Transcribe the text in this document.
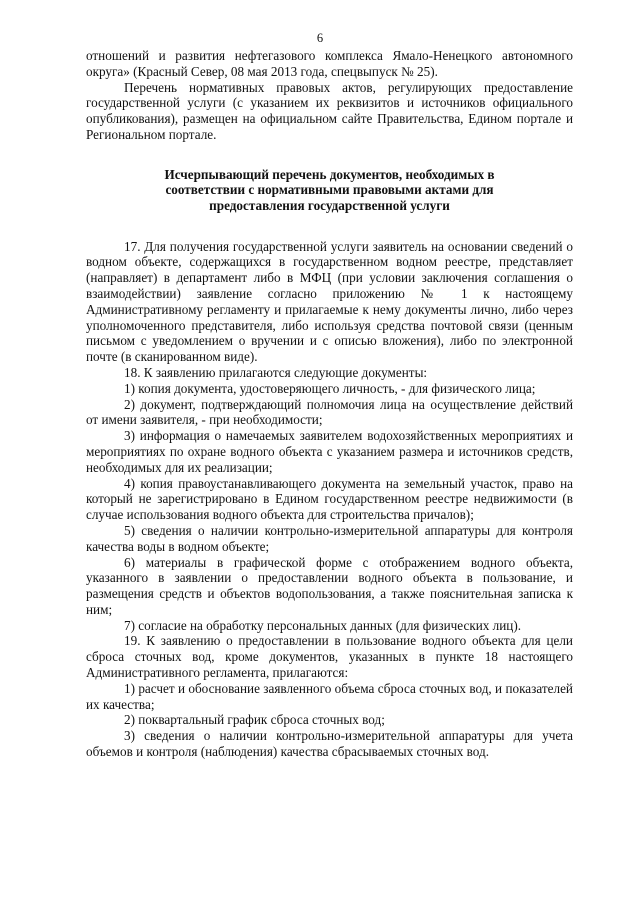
6

отношений и развития нефтегазового комплекса Ямало-Ненецкого автономного округа» (Красный Север, 08 мая 2013 года, спецвыпуск № 25).

Перечень нормативных правовых актов, регулирующих предоставление государственной услуги (с указанием их реквизитов и источников официального опубликования), размещен на официальном сайте Правительства, Едином портале и Региональном портале.

Исчерпывающий перечень документов, необходимых в соответствии с нормативными правовыми актами для предоставления государственной услуги

17. Для получения государственной услуги заявитель на основании сведений о водном объекте, содержащихся в государственном водном реестре, представляет (направляет) в департамент либо в МФЦ (при условии заключения соглашения о взаимодействии) заявление согласно приложению № 1 к настоящему Административному регламенту и прилагаемые к нему документы лично, либо через уполномоченного представителя, либо используя средства почтовой связи (ценным письмом с уведомлением о вручении и с описью вложения), либо по электронной почте (в сканированном виде).

18. К заявлению прилагаются следующие документы:

1) копия документа, удостоверяющего личность, - для физического лица;

2) документ, подтверждающий полномочия лица на осуществление действий от имени заявителя, - при необходимости;

3) информация о намечаемых заявителем водохозяйственных мероприятиях и мероприятиях по охране водного объекта с указанием размера и источников средств, необходимых для их реализации;

4) копия правоустанавливающего документа на земельный участок, право на который не зарегистрировано в Едином государственном реестре недвижимости (в случае использования водного объекта для строительства причалов);

5) сведения о наличии контрольно-измерительной аппаратуры для контроля качества воды в водном объекте;

6) материалы в графической форме с отображением водного объекта, указанного в заявлении о предоставлении водного объекта в пользование, и размещения средств и объектов водопользования, а также пояснительная записка к ним;

7) согласие на обработку персональных данных (для физических лиц).

19. К заявлению о предоставлении в пользование водного объекта для цели сброса сточных вод, кроме документов, указанных в пункте 18 настоящего Административного регламента, прилагаются:

1) расчет и обоснование заявленного объема сброса сточных вод, и показателей их качества;

2) поквартальный график сброса сточных вод;

3) сведения о наличии контрольно-измерительной аппаратуры для учета объемов и контроля (наблюдения) качества сбрасываемых сточных вод.
